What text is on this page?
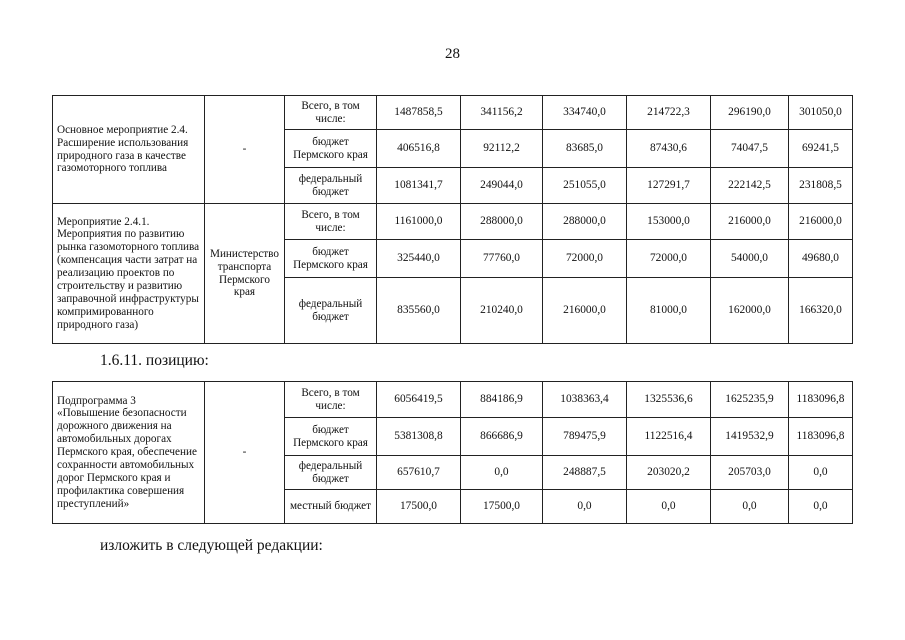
28
Основное мероприятие 2.4. Расширение использования природного газа в качестве газомоторного топлива	-	Всего, в том числе:	1487858,5	341156,2	334740,0	214722,3	296190,0	301050,0
		бюджет Пермского края	406516,8	92112,2	83685,0	87430,6	74047,5	69241,5
		федеральный бюджет	1081341,7	249044,0	251055,0	127291,7	222142,5	231808,5
Мероприятие 2.4.1. Мероприятия по развитию рынка газомоторного топлива (компенсация части затрат на реализацию проектов по строительству и развитию заправочной инфраструктуры компримированного природного газа)	Министерство транспорта Пермского края	Всего, в том числе:	1161000,0	288000,0	288000,0	153000,0	216000,0	216000,0
		бюджет Пермского края	325440,0	77760,0	72000,0	72000,0	54000,0	49680,0
		федеральный бюджет	835560,0	210240,0	216000,0	81000,0	162000,0	166320,0
1.6.11. позицию:
Подпрограмма 3 «Повышение безопасности дорожного движения на автомобильных дорогах Пермского края, обеспечение сохранности автомобильных дорог Пермского края и профилактика совершения преступлений»	-	Всего, в том числе:	6056419,5	884186,9	1038363,4	1325536,6	1625235,9	1183096,8
		бюджет Пермского края	5381308,8	866686,9	789475,9	1122516,4	1419532,9	1183096,8
		федеральный бюджет	657610,7	0,0	248887,5	203020,2	205703,0	0,0
		местный бюджет	17500,0	17500,0	0,0	0,0	0,0	0,0
изложить в следующей редакции:
